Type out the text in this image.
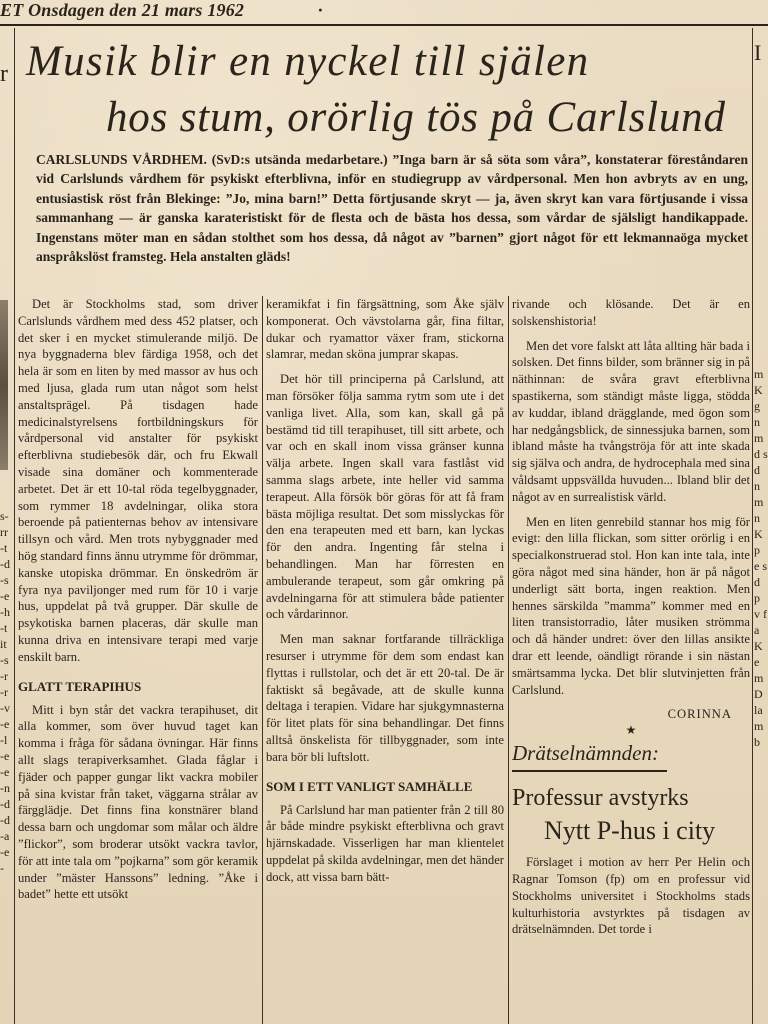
ET Onsdagen den 21 mars 1962	·
r
s-rr-t-d-s-e-h-tit-s-r-r-v-e-l-e-e-n-d-d-a-e-
I
m K g n m d s d n m n K p e s d p v fa K e m D la m b
Musik blir en nyckel till själen
hos stum, orörlig tös på Carlslund
CARLSLUNDS VÅRDHEM. (SvD:s utsända medarbetare.) ”Inga barn är så söta som våra”, konstaterar föreståndaren vid Carlslunds vårdhem för psykiskt efterblivna, inför en studiegrupp av vårdpersonal. Men hon avbryts av en ung, entusiastisk röst från Blekinge: ”Jo, mina barn!” Detta förtjusande skryt — ja, även skryt kan vara förtjusande i vissa sammanhang — är ganska karateristiskt för de flesta och de bästa hos dessa, som vårdar de själsligt handikappade. Ingenstans möter man en sådan stolthet som hos dessa, då något av ”barnen” gjort något för ett lekmannaöga mycket anspråkslöst framsteg. Hela anstalten gläds!

Det är Stockholms stad, som driver Carlslunds vårdhem med dess 452 platser, och det sker i en mycket stimulerande miljö. De nya byggnaderna blev färdiga 1958, och det hela är som en liten by med massor av hus och med ljusa, glada rum utan något som helst anstaltsprägel. På tisdagen hade medicinalstyrelsens fortbildningskurs för vårdpersonal vid anstalter för psykiskt efterblivna studiebesök där, och fru Ekwall visade sina domäner och kommenterade arbetet. Det är ett 10-tal röda tegelbyggnader, som rymmer 18 avdelningar, olika stora beroende på patienternas behov av intensivare tillsyn och vård. Men trots nybyggnader med hög standard finns ännu utrymme för drömmar, kanske utopiska drömmar. En önskedröm är fyra nya paviljonger med rum för 10 i varje hus, uppdelat på två grupper. Där skulle de psykotiska barnen placeras, där skulle man kunna driva en intensivare terapi med varje enskilt barn.

GLATT TERAPIHUS

Mitt i byn står det vackra terapihuset, dit alla kommer, som över huvud taget kan komma i fråga för sådana övningar. Här finns allt slags terapiverksamhet. Glada fåglar i fjäder och papper gungar likt vackra mobiler på sina kvistar från taket, väggarna strålar av färgglädje. Det finns fina konstnärer bland dessa barn och ungdomar som målar och äldre ”flickor”, som broderar utsökt vackra tavlor, för att inte tala om ”pojkarna” som gör keramik under ”mäster Hanssons” ledning. ”Åke i badet” hette ett utsökt

keramikfat i fin färgsättning, som Åke själv komponerat. Och vävstolarna går, fina filtar, dukar och ryamattor växer fram, stickorna slamrar, medan sköna jumprar skapas.

Det hör till principerna på Carlslund, att man försöker följa samma rytm som ute i det vanliga livet. Alla, som kan, skall gå på bestämd tid till terapihuset, till sitt arbete, och var och en skall inom vissa gränser kunna välja arbete. Ingen skall vara fastlåst vid samma slags arbete, inte heller vid samma terapeut. Alla försök bör göras för att få fram bästa möjliga resultat. Det som misslyckas för den ena terapeuten med ett barn, kan lyckas för den andra. Ingenting får stelna i behandlingen. Man har förresten en ambulerande terapeut, som går omkring på avdelningarna för att stimulera både patienter och vårdarinnor.

Men man saknar fortfarande tillräckliga resurser i utrymme för dem som endast kan flyttas i rullstolar, och det är ett 20-tal. De är faktiskt så begåvade, att de skulle kunna deltaga i terapien. Vidare har sjukgymnasterna för litet plats för sina behandlingar. Det finns alltså önskelista för tillbyggnader, som inte bara bör bli luftslott.

SOM I ETT VANLIGT SAMHÄLLE

På Carlslund har man patienter från 2 till 80 år både mindre psykiskt efterblivna och gravt hjärnskadade. Visserligen har man klientelet uppdelat på skilda avdelningar, men det händer dock, att vissa barn bätt-

rivande och klösande. Det är en solskenshistoria!

Men det vore falskt att låta allting här bada i solsken. Det finns bilder, som bränner sig in på näthinnan: de svåra gravt efterblivna spastikerna, som ständigt måste ligga, stödda av kuddar, ibland drägglande, med ögon som har nedgångsblick, de sinnessjuka barnen, som ibland måste ha tvångströja för att inte skada sig själva och andra, de hydrocephala med sina våldsamt uppsvällda huvuden... Ibland blir det något av en surrealistisk värld.

Men en liten genrebild stannar hos mig för evigt: den lilla flickan, som sitter orörlig i en specialkonstruerad stol. Hon kan inte tala, inte göra något med sina händer, hon är på något underligt sätt borta, ingen reaktion. Men hennes särskilda ”mamma” kommer med en liten transistorradio, låter musiken strömma och då händer undret: över den lillas ansikte drar ett leende, oändligt rörande i sin nästan smärtsamma lycka. Det blir slutvinjetten från Carlslund.

CORINNA
★
Drätselnämnden:
Professur avstyrks
Nytt P-hus i city

Förslaget i motion av herr Per Helin och Ragnar Tomson (fp) om en professur vid Stockholms universitet i Stockholms stads kulturhistoria avstyrktes på tisdagen av drätselnämnden. Det torde i
